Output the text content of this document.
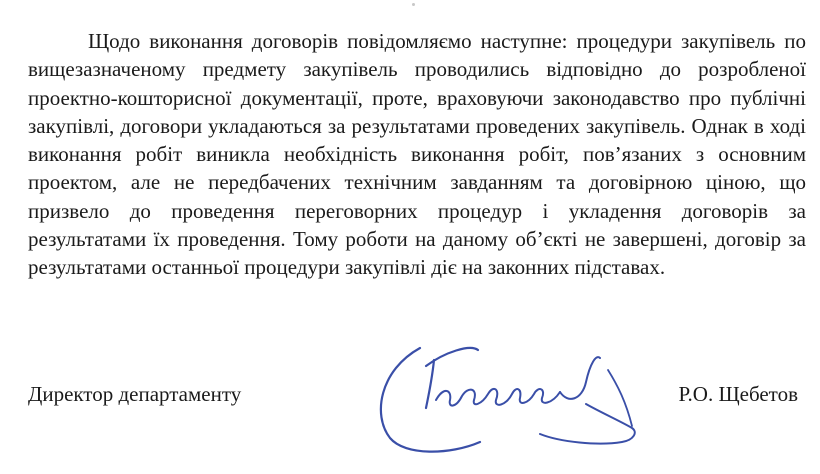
Щодо виконання договорів повідомляємо наступне: процедури закупівель по вищезазначеному предмету закупівель проводились відповідно до розробленої проектно-кошторисної документації, проте, враховуючи законодавство про публічні закупівлі, договори укладаються за результатами проведених закупівель. Однак в ході виконання робіт виникла необхідність виконання робіт, пов’язаних з основним проектом, але не передбачених технічним завданням та договірною ціною, що призвело до проведення переговорних процедур і укладення договорів за результатами їх проведення. Тому роботи на даному об’єкті не завершені, договір за результатами останньої процедури закупівлі діє на законних підставах.

Директор департаменту	Р.О. Щебетов
